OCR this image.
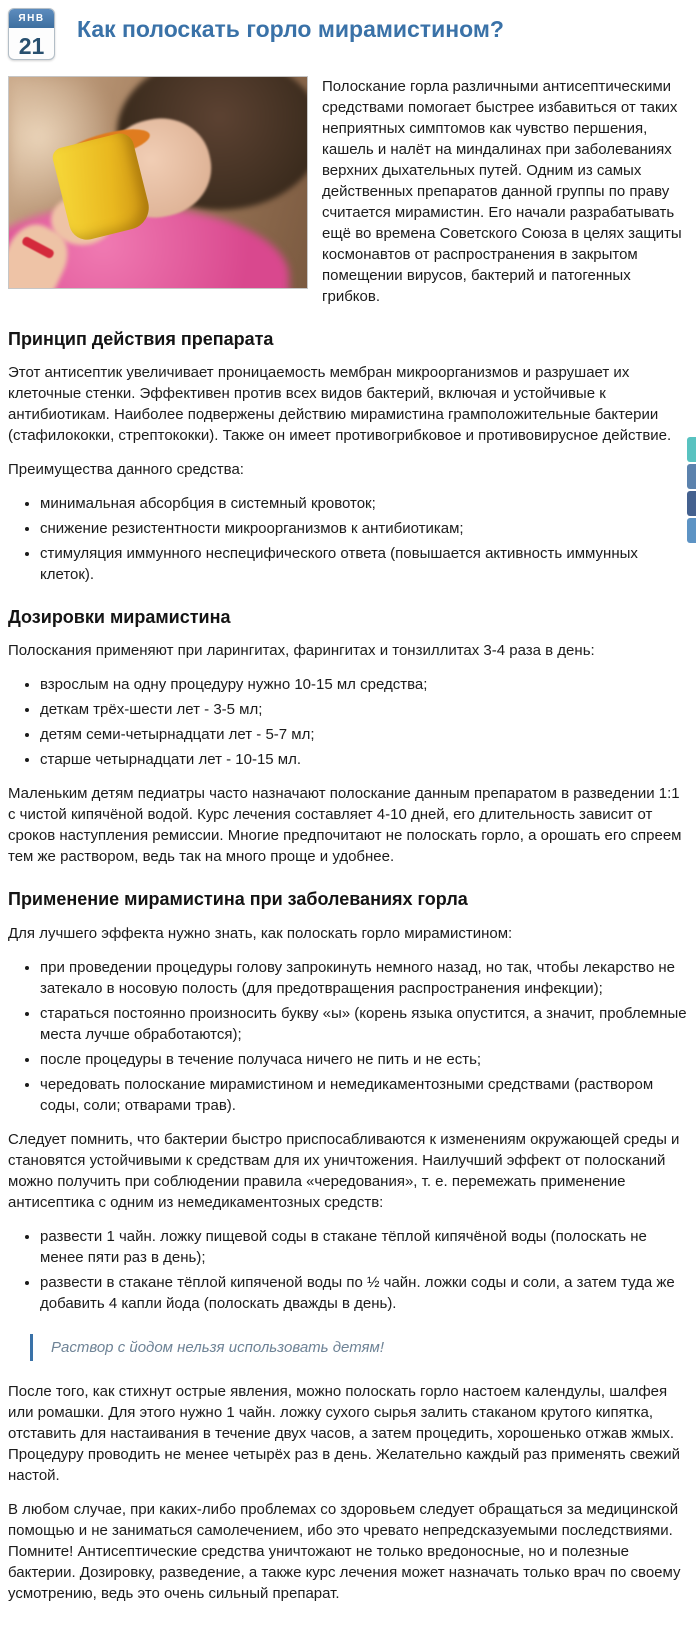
ЯНВ
21
Как полоскать горло мирамистином?

Полоскание горла различными антисептическими средствами помогает быстрее избавиться от таких неприятных симптомов как чувство першения, кашель и налёт на миндалинах при заболеваниях верхних дыхательных путей. Одним из самых действенных препаратов данной группы по праву считается мирамистин. Его начали разрабатывать ещё во времена Советского Союза в целях защиты космонавтов от распространения в закрытом помещении вирусов, бактерий и патогенных грибков.

Принцип действия препарата

Этот антисептик увеличивает проницаемость мембран микроорганизмов и разрушает их клеточные стенки. Эффективен против всех видов бактерий, включая и устойчивые к антибиотикам. Наиболее подвержены действию мирамистина грамположительные бактерии (стафилококки, стрептококки). Также он имеет противогрибковое и противовирусное действие.

Преимущества данного средства:

• минимальная абсорбция в системный кровоток;
• снижение резистентности микроорганизмов к антибиотикам;
• стимуляция иммунного неспецифического ответа (повышается активность иммунных клеток).
Дозировки мирамистина

Полоскания применяют при ларингитах, фарингитах и тонзиллитах 3-4 раза в день:

• взрослым на одну процедуру нужно 10-15 мл средства;
• деткам трёх-шести лет - 3-5 мл;
• детям семи-четырнадцати лет - 5-7 мл;
• старше четырнадцати лет - 10-15 мл.

Маленьким детям педиатры часто назначают полоскание данным препаратом в разведении 1:1 с чистой кипячёной водой. Курс лечения составляет 4-10 дней, его длительность зависит от сроков наступления ремиссии. Многие предпочитают не полоскать горло, а орошать его спреем тем же раствором, ведь так на много проще и удобнее.

Применение мирамистина при заболеваниях горла

Для лучшего эффекта нужно знать, как полоскать горло мирамистином:

• при проведении процедуры голову запрокинуть немного назад, но так, чтобы лекарство не затекало в носовую полость (для предотвращения распространения инфекции);
• стараться постоянно произносить букву «ы» (корень языка опустится, а значит, проблемные места лучше обработаются);
• после процедуры в течение получаса ничего не пить и не есть;
• чередовать полоскание мирамистином и немедикаментозными средствами (раствором соды, соли; отварами трав).

Следует помнить, что бактерии быстро приспосабливаются к изменениям окружающей среды и становятся устойчивыми к средствам для их уничтожения. Наилучший эффект от полосканий можно получить при соблюдении правила «чередования», т. е. перемежать применение антисептика с одним из немедикаментозных средств:

• развести 1 чайн. ложку пищевой соды в стакане тёплой кипячёной воды (полоскать не менее пяти раз в день);
• развести в стакане тёплой кипяченой воды по ½ чайн. ложки соды и соли, а затем туда же добавить 4 капли йода (полоскать дважды в день).
Раствор с йодом нельзя использовать детям!

После того, как стихнут острые явления, можно полоскать горло настоем календулы, шалфея или ромашки. Для этого нужно 1 чайн. ложку сухого сырья залить стаканом крутого кипятка, отставить для настаивания в течение двух часов, а затем процедить, хорошенько отжав жмых. Процедуру проводить не менее четырёх раз в день. Желательно каждый раз применять свежий настой.

В любом случае, при каких-либо проблемах со здоровьем следует обращаться за медицинской помощью и не заниматься самолечением, ибо это чревато непредсказуемыми последствиями. Помните! Антисептические средства уничтожают не только вредоносные, но и полезные бактерии. Дозировку, разведение, а также курс лечения может назначать только врач по своему усмотрению, ведь это очень сильный препарат.
